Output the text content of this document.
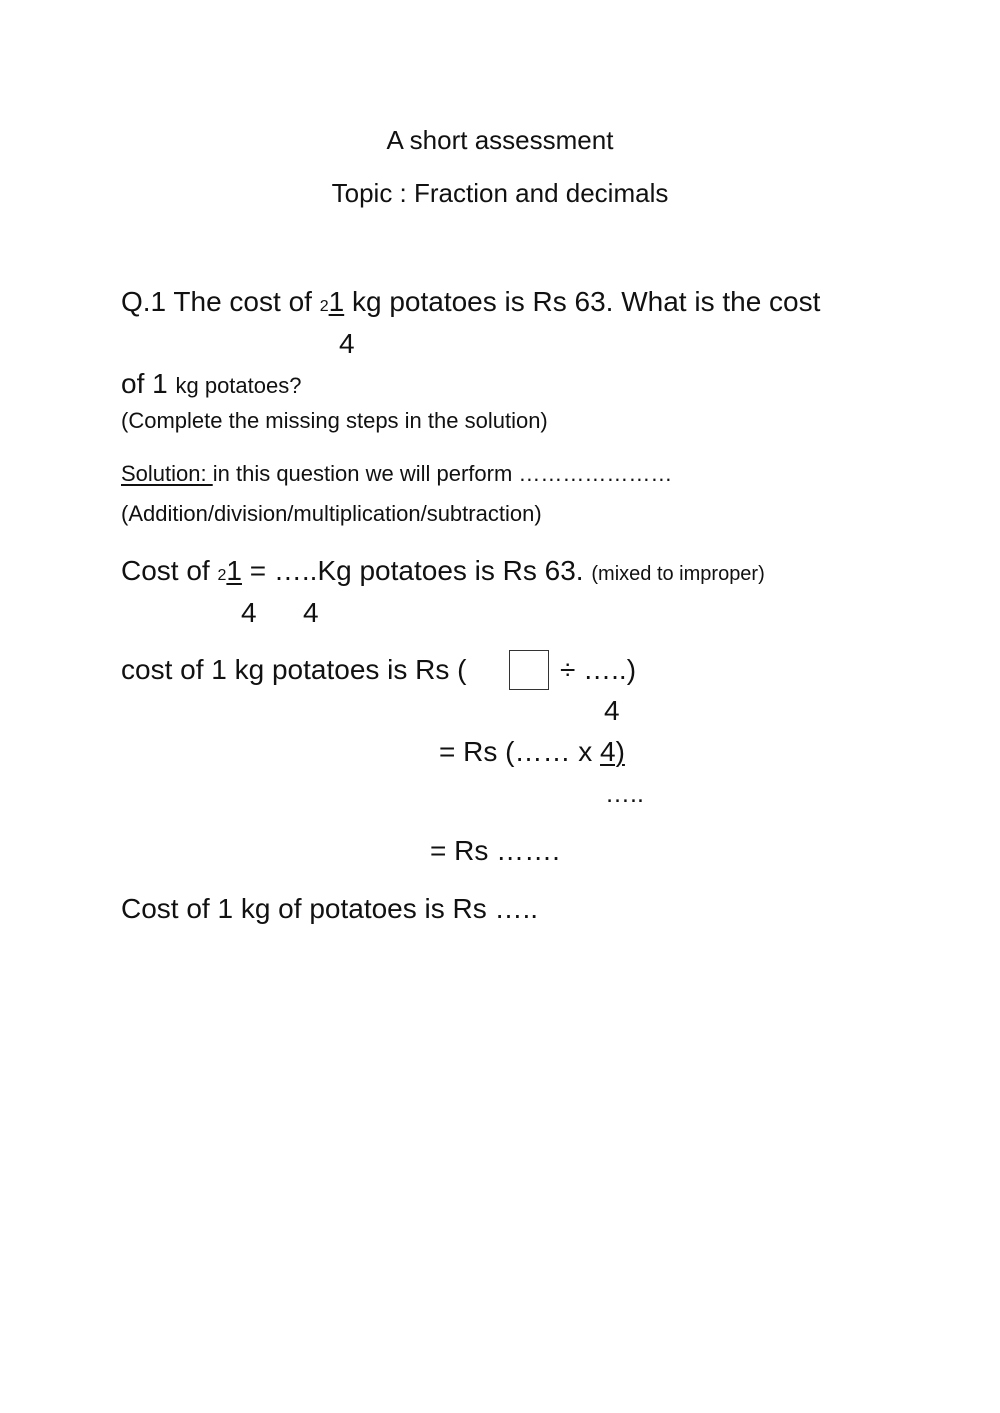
A short assessment
Topic : Fraction and decimals
Q.1 The cost of 21 kg potatoes is Rs 63. What is the cost
4
of 1 kg potatoes?
(Complete the missing steps in the solution)
Solution: in this question we will perform …………………
(Addition/division/multiplication/subtraction)
Cost of 21 = …..Kg potatoes is Rs 63. (mixed to improper)
4 4
cost of 1 kg potatoes is Rs (	÷ …..)
4
= Rs (…… x 4)
…..
= Rs …….
Cost of 1 kg of potatoes is Rs …..
